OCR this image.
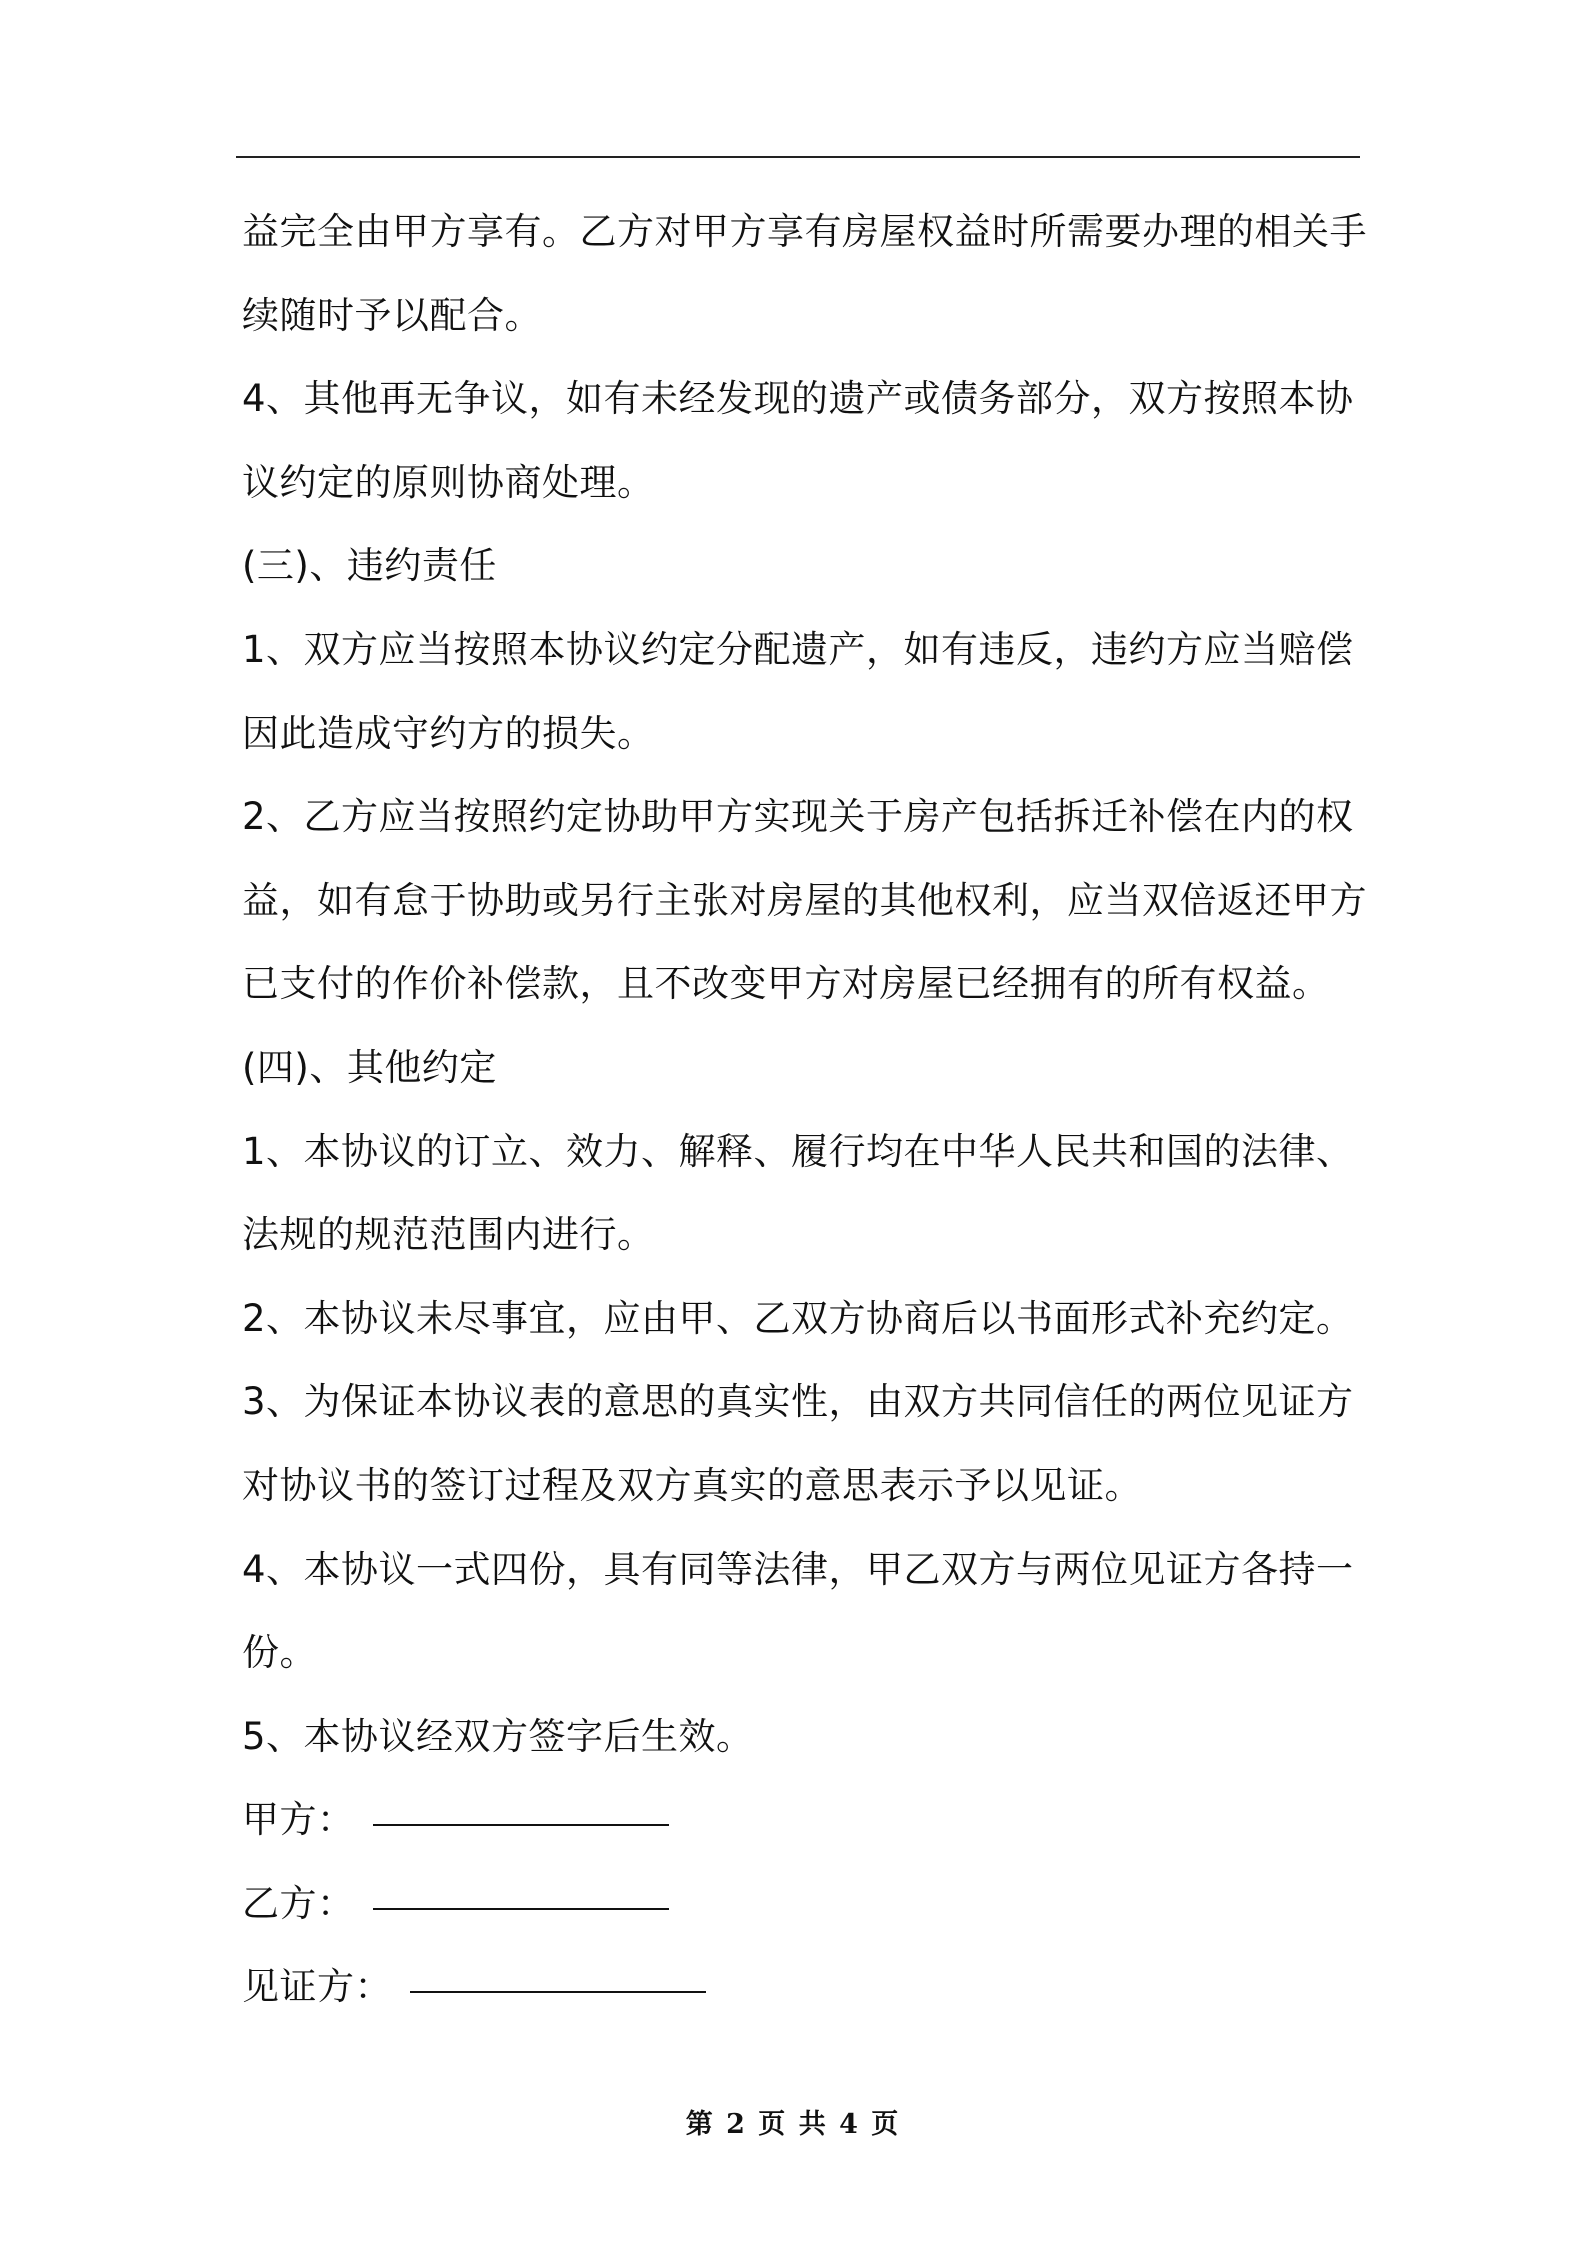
益完全由甲方享有。乙方对甲方享有房屋权益时所需要办理的相关手
续随时予以配合。
4、其他再无争议，如有未经发现的遗产或债务部分，双方按照本协
议约定的原则协商处理。
(三)、违约责任
1、双方应当按照本协议约定分配遗产，如有违反，违约方应当赔偿
因此造成守约方的损失。
2、乙方应当按照约定协助甲方实现关于房产包括拆迁补偿在内的权
益，如有怠于协助或另行主张对房屋的其他权利，应当双倍返还甲方
已支付的作价补偿款，且不改变甲方对房屋已经拥有的所有权益。
(四)、其他约定
1、本协议的订立、效力、解释、履行均在中华人民共和国的法律、
法规的规范范围内进行。
2、本协议未尽事宜，应由甲、乙双方协商后以书面形式补充约定。
3、为保证本协议表的意思的真实性，由双方共同信任的两位见证方
对协议书的签订过程及双方真实的意思表示予以见证。
4、本协议一式四份，具有同等法律，甲乙双方与两位见证方各持一
份。
5、本协议经双方签字后生效。
甲方：
乙方：
见证方：
第 2 页 共 4 页
